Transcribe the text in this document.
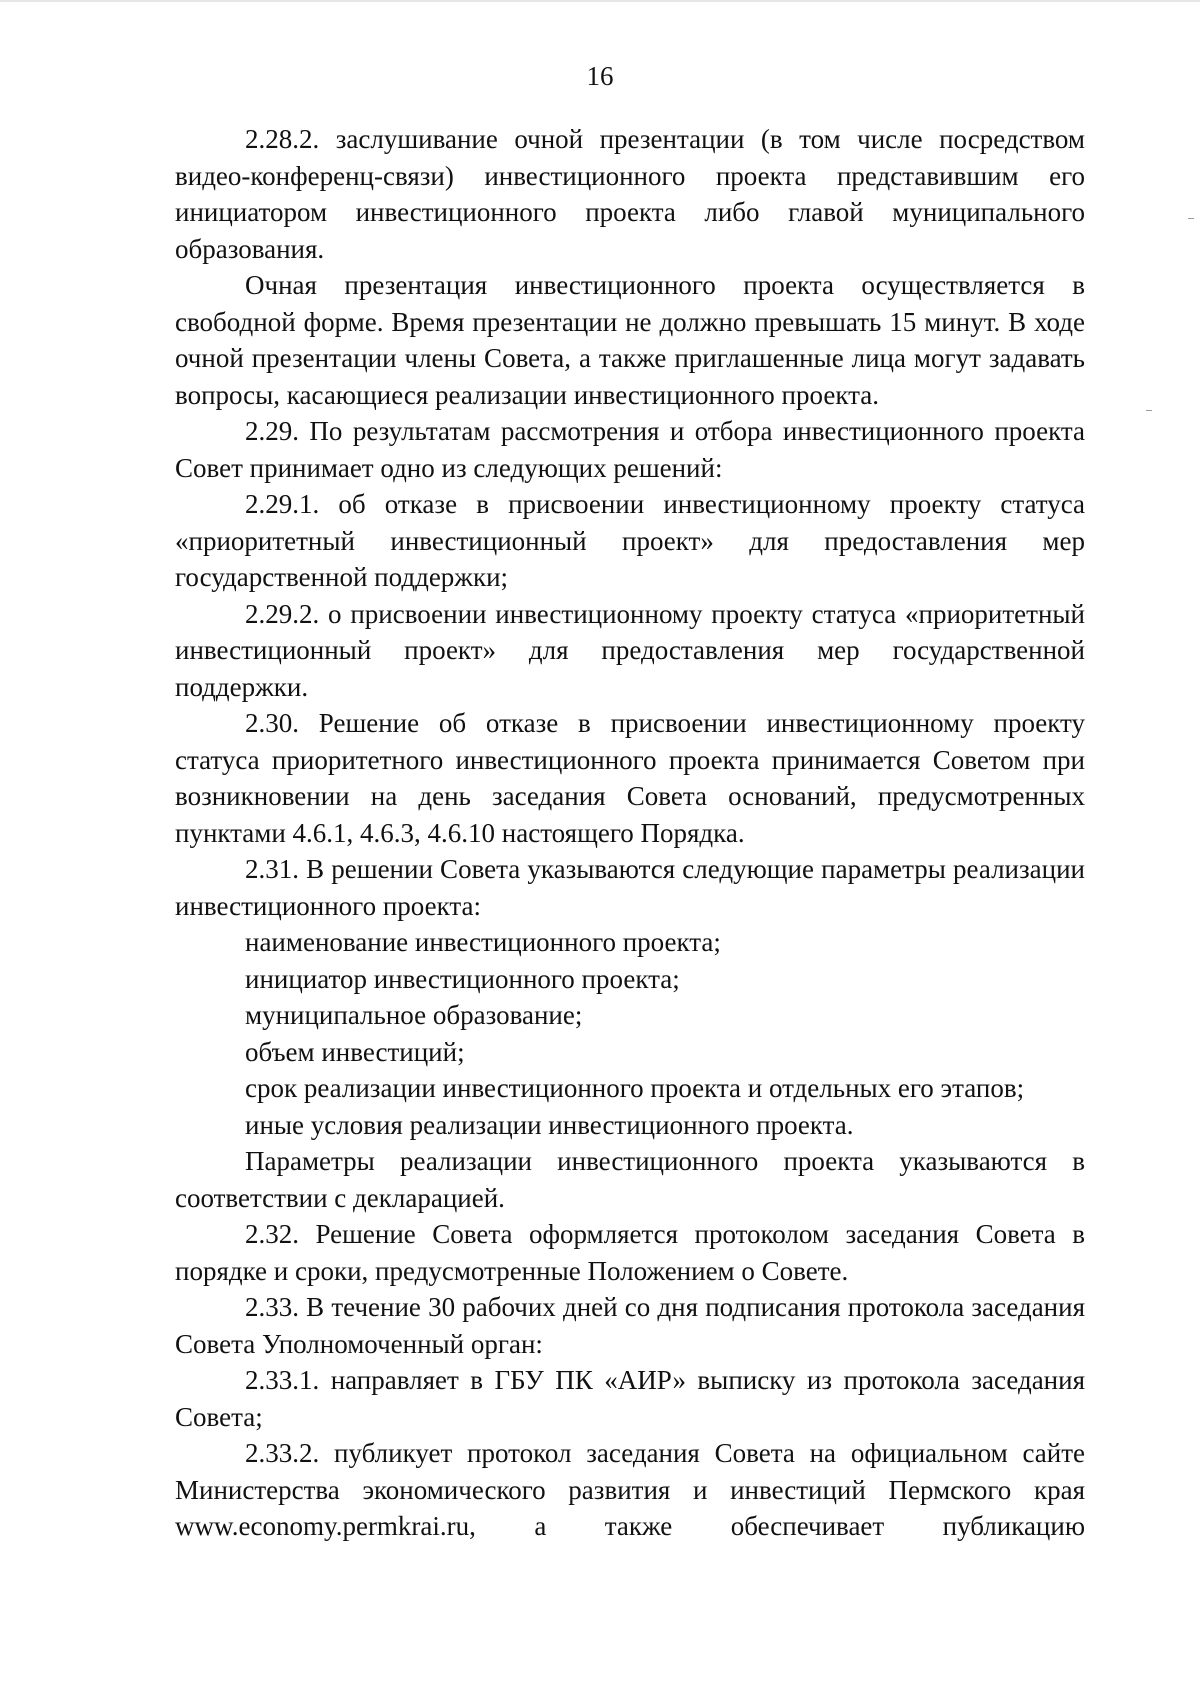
16

2.28.2. заслушивание очной презентации (в том числе посредством видео-конференц-связи) инвестиционного проекта представившим его инициатором инвестиционного проекта либо главой муниципального образования.

Очная презентация инвестиционного проекта осуществляется в свободной форме. Время презентации не должно превышать 15 минут. В ходе очной презентации члены Совета, а также приглашенные лица могут задавать вопросы, касающиеся реализации инвестиционного проекта.

2.29. По результатам рассмотрения и отбора инвестиционного проекта Совет принимает одно из следующих решений:

2.29.1. об отказе в присвоении инвестиционному проекту статуса «приоритетный инвестиционный проект» для предоставления мер государственной поддержки;

2.29.2. о присвоении инвестиционному проекту статуса «приоритетный инвестиционный проект» для предоставления мер государственной поддержки.

2.30. Решение об отказе в присвоении инвестиционному проекту статуса приоритетного инвестиционного проекта принимается Советом при возникновении на день заседания Совета оснований, предусмотренных пунктами 4.6.1, 4.6.3, 4.6.10 настоящего Порядка.

2.31. В решении Совета указываются следующие параметры реализации инвестиционного проекта:

наименование инвестиционного проекта;

инициатор инвестиционного проекта;

муниципальное образование;

объем инвестиций;

срок реализации инвестиционного проекта и отдельных его этапов;

иные условия реализации инвестиционного проекта.

Параметры реализации инвестиционного проекта указываются в соответствии с декларацией.

2.32. Решение Совета оформляется протоколом заседания Совета в порядке и сроки, предусмотренные Положением о Совете.

2.33. В течение 30 рабочих дней со дня подписания протокола заседания Совета Уполномоченный орган:

2.33.1. направляет в ГБУ ПК «АИР» выписку из протокола заседания Совета;

2.33.2. публикует протокол заседания Совета на официальном сайте Министерства экономического развития и инвестиций Пермского края www.economy.permkrai.ru, а также обеспечивает публикацию
